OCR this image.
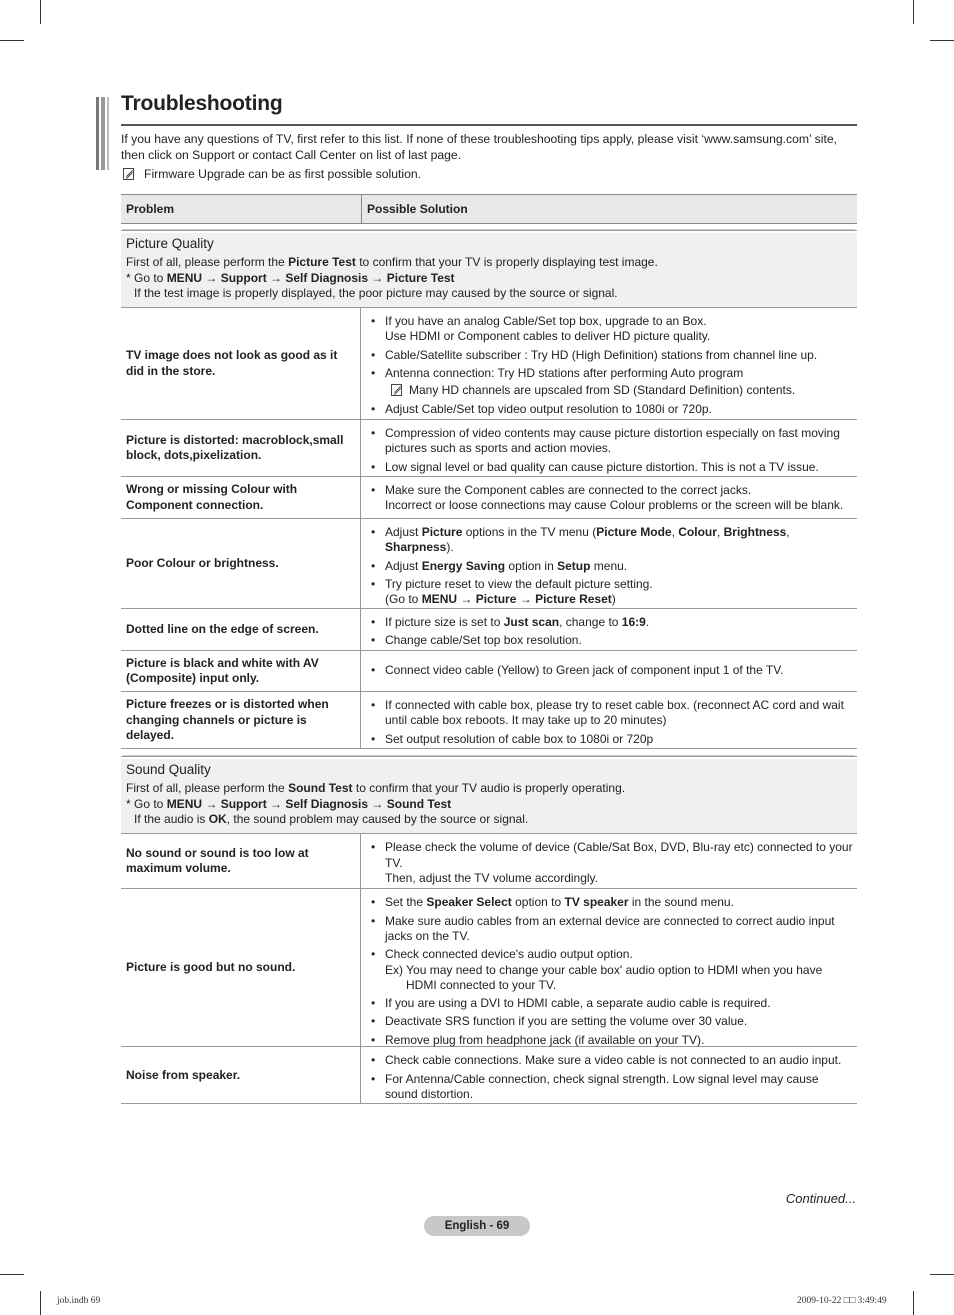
Troubleshooting
If you have any questions of TV, first refer to this list. If none of these troubleshooting tips apply, please visit ‘www.samsung.com’ site, then click on Support or contact Call Center on list of last page.
Firmware Upgrade can be as first possible solution.
Problem	Possible Solution
Picture Quality
First of all, please perform the Picture Test to confirm that your TV is properly displaying test image.
* Go to MENU → Support → Self Diagnosis → Picture Test
If the test image is properly displayed, the poor picture may caused by the source or signal.
TV image does not look as good as it did in the store.
• If you have an analog Cable/Set top box, upgrade to an Box.
Use HDMI or Component cables to deliver HD picture quality.
• Cable/Satellite subscriber : Try HD (High Definition) stations from channel line up.
• Antenna connection: Try HD stations after performing Auto program
Many HD channels are upscaled from SD (Standard Definition) contents.
• Adjust Cable/Set top video output resolution to 1080i or 720p.
Picture is distorted: macroblock,small block, dots,pixelization.
• Compression of video contents may cause picture distortion especially on fast moving pictures such as sports and action movies.
• Low signal level or bad quality can cause picture distortion. This is not a TV issue.
Wrong or missing Colour with Component connection.
• Make sure the Component cables are connected to the correct jacks.
Incorrect or loose connections may cause Colour problems or the screen will be blank.
Poor Colour or brightness.
• Adjust Picture options in the TV menu (Picture Mode, Colour, Brightness, Sharpness).
• Adjust Energy Saving option in Setup menu.
• Try picture reset to view the default picture setting.
(Go to MENU → Picture → Picture Reset)
Dotted line on the edge of screen.
•	If picture size is set to Just scan, change to 16:9.
• Change cable/Set top box resolution.
Picture is black and white with AV (Composite) input only.
• Connect video cable (Yellow) to Green jack of component input 1 of the TV.
Picture freezes or is distorted when changing channels or picture is delayed.
• If connected with cable box, please try to reset cable box. (reconnect AC cord and wait until cable box reboots. It may take up to 20 minutes)
• Set output resolution of cable box to 1080i or 720p
Sound Quality
First of all, please perform the Sound Test to confirm that your TV audio is properly operating.
* Go to MENU → Support → Self Diagnosis → Sound Test
If the audio is OK, the sound problem may caused by the source or signal.
No sound or sound is too low at maximum volume.
• Please check the volume of device (Cable/Sat Box, DVD, Blu-ray etc) connected to your TV.
Then, adjust the TV volume accordingly.
Picture is good but no sound.
• Set the Speaker Select option to TV speaker in the sound menu.
• Make sure audio cables from an external device are connected to correct audio input jacks on the TV.
• Check connected device's audio output option.
Ex) You may need to change your cable box' audio option to HDMI when you have
HDMI connected to your TV.
• If you are using a DVI to HDMI cable, a separate audio cable is required.
• Deactivate SRS function if you are setting the volume over 30 value.
• Remove plug from headphone jack (if available on your TV).
Noise from speaker.
• Check cable connections. Make sure a video cable is not connected to an audio input.
• For Antenna/Cable connection, check signal strength. Low signal level may cause sound distortion.
Continued...
English - 69
job.indb 69	2009-10-22 □□ 3:49:49
